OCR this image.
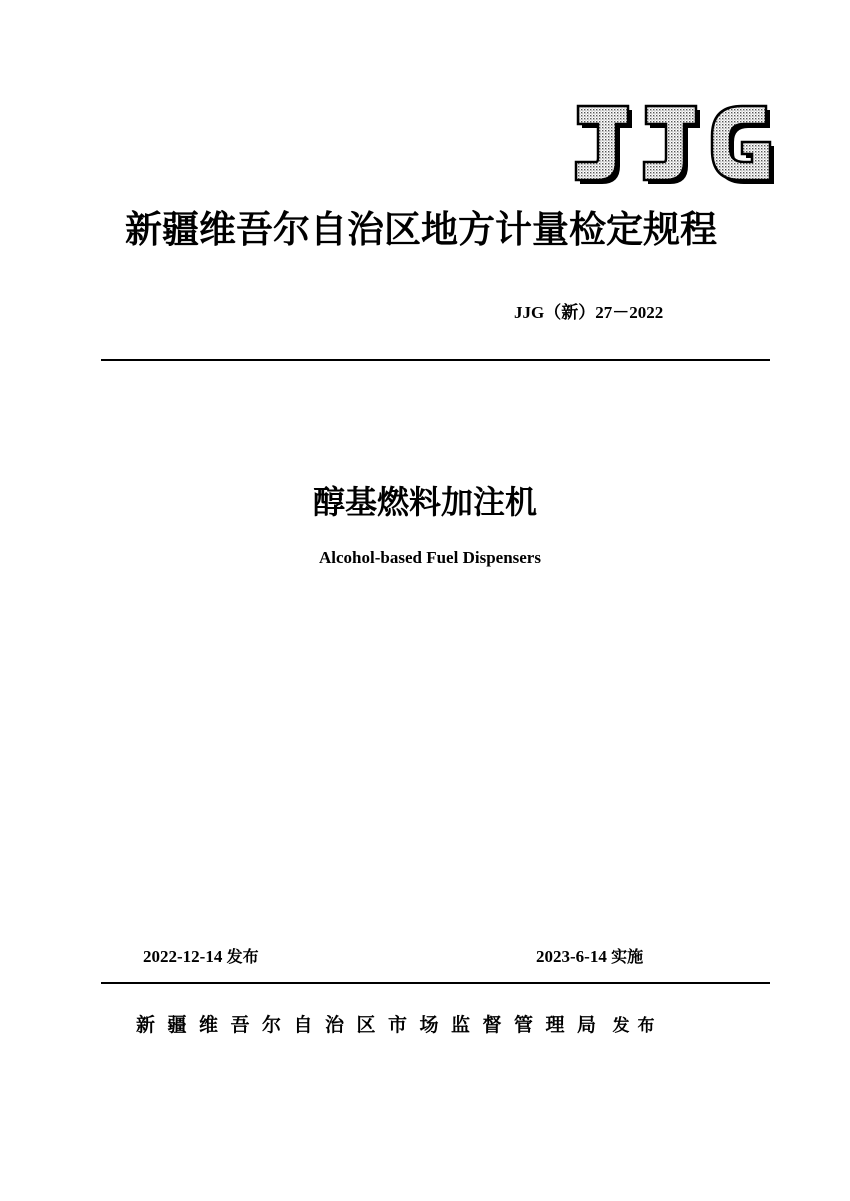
新疆维吾尔自治区地方计量检定规程
JJG（新）27－2022
醇基燃料加注机
Alcohol-based Fuel Dispensers
2022-12-14 发布	2023-6-14 实施
新疆维吾尔自治区市场监督管理局 发布
